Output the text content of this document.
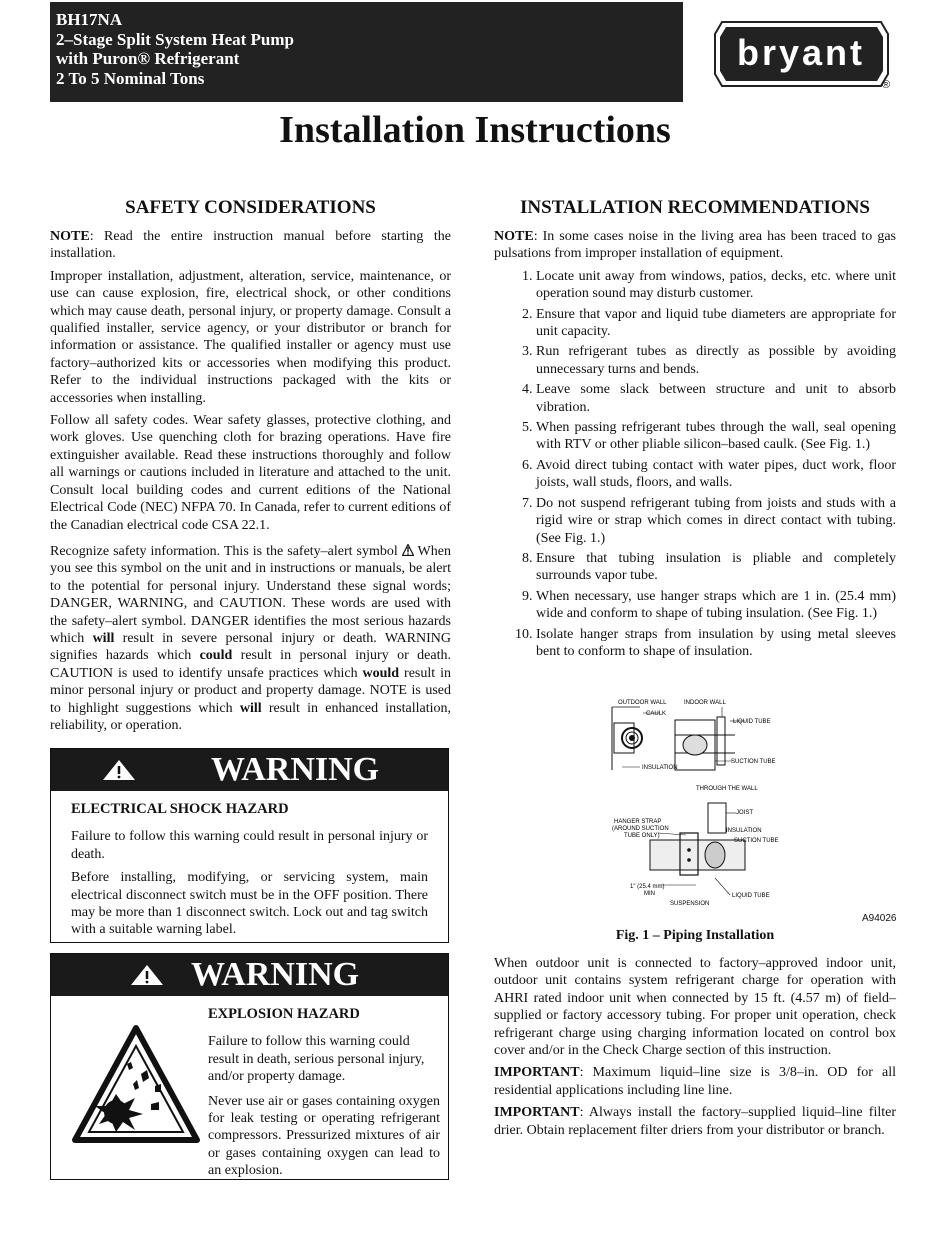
BH17NA
2–Stage Split System Heat Pump
with Puron® Refrigerant
2 To 5 Nominal Tons
bryant
®
Installation Instructions
SAFETY CONSIDERATIONS

NOTE: Read the entire instruction manual before starting the installation.

Improper installation, adjustment, alteration, service, maintenance, or use can cause explosion, fire, electrical shock, or other conditions which may cause death, personal injury, or property damage. Consult a qualified installer, service agency, or your distributor or branch for information or assistance. The qualified installer or agency must use factory–authorized kits or accessories when modifying this product. Refer to the individual instructions packaged with the kits or accessories when installing.

Follow all safety codes. Wear safety glasses, protective clothing, and work gloves. Use quenching cloth for brazing operations. Have fire extinguisher available. Read these instructions thoroughly and follow all warnings or cautions included in literature and attached to the unit. Consult local building codes and current editions of the National Electrical Code (NEC) NFPA 70. In Canada, refer to current editions of the Canadian electrical code CSA 22.1.

Recognize safety information. This is the safety–alert symbol  When you see this symbol on the unit and in instructions or manuals, be alert to the potential for personal injury. Understand these signal words; DANGER, WARNING, and CAUTION. These words are used with the safety–alert symbol. DANGER identifies the most serious hazards which will result in severe personal injury or death. WARNING signifies hazards which could result in personal injury or death. CAUTION is used to identify unsafe practices which would result in minor personal injury or product and property damage. NOTE is used to highlight suggestions which will result in enhanced installation, reliability, or operation.

WARNING
ELECTRICAL SHOCK HAZARD

Failure to follow this warning could result in personal injury or death.

Before installing, modifying, or servicing system, main electrical disconnect switch must be in the OFF position. There may be more than 1 disconnect switch. Lock out and tag switch with a suitable warning label.

WARNING
EXPLOSION HAZARD

Failure to follow this warning could result in death, serious personal injury, and/or property damage.

Never use air or gases containing oxygen for leak testing or operating refrigerant compressors. Pressurized mixtures of air or gases containing oxygen can lead to an explosion.

INSTALLATION RECOMMENDATIONS

NOTE: In some cases noise in the living area has been traced to gas pulsations from improper installation of equipment.

1. Locate unit away from windows, patios, decks, etc. where unit operation sound may disturb customer.
2. Ensure that vapor and liquid tube diameters are appropriate for unit capacity.
3. Run refrigerant tubes as directly as possible by avoiding unnecessary turns and bends.
4. Leave some slack between structure and unit to absorb vibration.
5. When passing refrigerant tubes through the wall, seal opening with RTV or other pliable silicon–based caulk. (See Fig. 1.)
6. Avoid direct tubing contact with water pipes, duct work, floor joists, wall studs, floors, and walls.
7. Do not suspend refrigerant tubing from joists and studs with a rigid wire or strap which comes in direct contact with tubing.(See Fig. 1.)
8. Ensure that tubing insulation is pliable and completely surrounds vapor tube.
9. When necessary, use hanger straps which are 1 in. (25.4 mm) wide and conform to shape of tubing insulation. (See Fig. 1.)
10. Isolate hanger straps from insulation by using metal sleeves bent to conform to shape of insulation.
OUTDOOR WALL
CAULK
INDOOR WALL
LIQUID TUBE
SUCTION TUBE
INSULATION
THROUGH THE WALL
JOIST
HANGER STRAP
(AROUND SUCTION
TUBE ONLY)
INSULATION
SUCTION TUBE
1" (25.4 mm)
MIN
SUSPENSION
LIQUID TUBE
A94026
Fig. 1 – Piping Installation

When outdoor unit is connected to factory–approved indoor unit, outdoor unit contains system refrigerant charge for operation with AHRI rated indoor unit when connected by 15 ft. (4.57 m) of field–supplied or factory accessory tubing. For proper unit operation, check refrigerant charge using charging information located on control box cover and/or in the Check Charge section of this instruction.

IMPORTANT: Maximum liquid–line size is 3/8–in. OD for all residential applications including line line.

IMPORTANT: Always install the factory–supplied liquid–line filter drier. Obtain replacement filter driers from your distributor or branch.
